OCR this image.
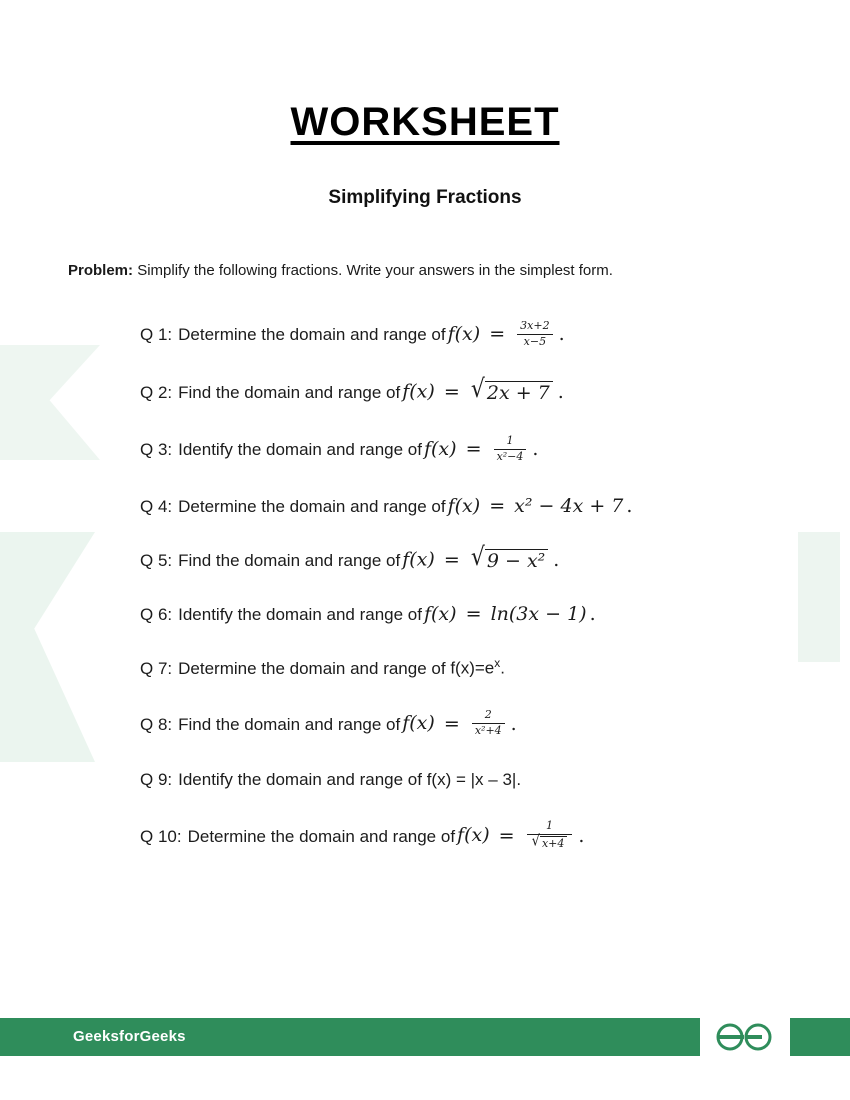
WORKSHEET
Simplifying Fractions

Problem: Simplify the following fractions. Write your answers in the simplest form.

Q 1: Determine the domain and range of $f(x) = \frac{3x+2}{x-5}$ .
Q 2: Find the domain and range of f(x) = √ 2x + 7 .
Q 3: Identify the domain and range of $f(x) = \frac{1}{\text{x²−4}}$ .
Q 4: Determine the domain and range of f(x) = x² − 4x + 7 .
Q 5: Find the domain and range of f(x) = √ 9 − x² .
Q 6: Identify the domain and range of f(x) = ln(3x − 1) .
Q 7: Determine the domain and range of $f(x)=e^x$.
Q 8: Find the domain and range of $f(x) = \frac{2}{\text{x²+4}}$ .
Q 9: Identify the domain and range of f(x) = |x – 3|.
Q 10: Determine the domain and range of $f(x) = \frac{1}{√ x+4}$ .
GeeksforGeeks
